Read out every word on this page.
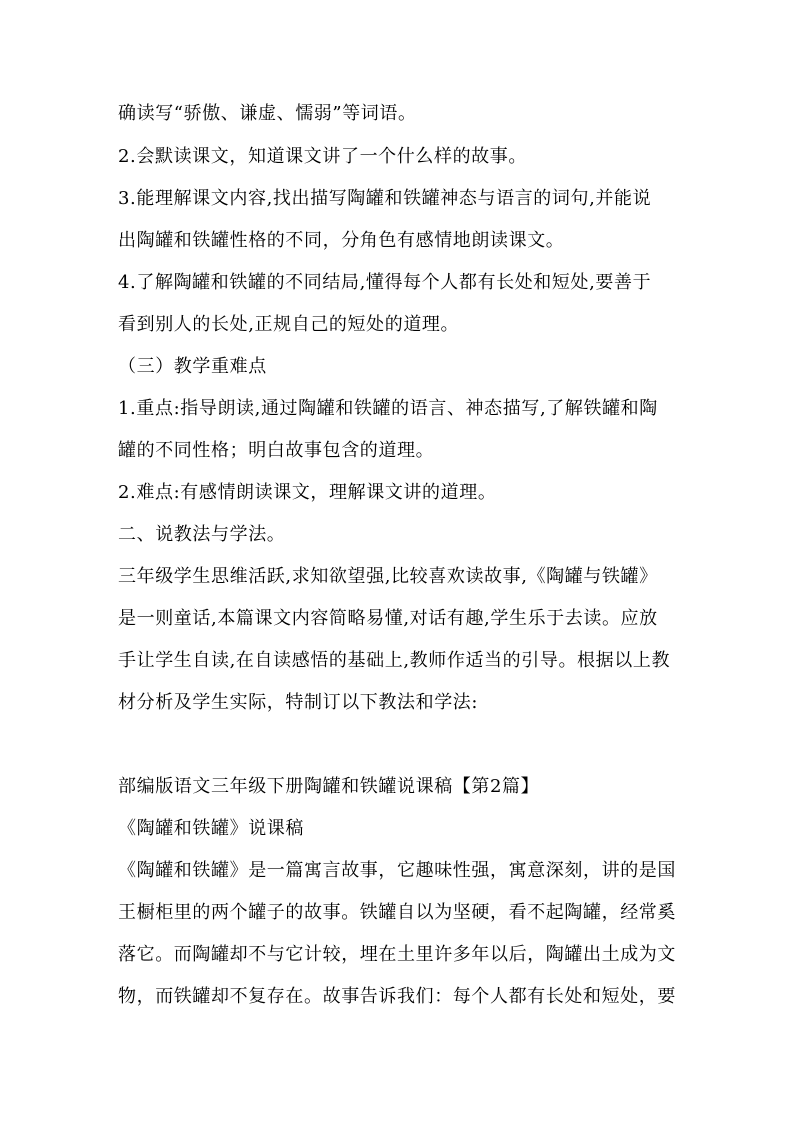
确读写“骄傲、谦虚、懦弱”等词语。
2.会默读课文，知道课文讲了一个什么样的故事。
3.能理解课文内容,找出描写陶罐和铁罐神态与语言的词句,并能说
出陶罐和铁罐性格的不同，分角色有感情地朗读课文。
4.了解陶罐和铁罐的不同结局,懂得每个人都有长处和短处,要善于
看到别人的长处,正规自己的短处的道理。
（三）教学重难点
1.重点:指导朗读,通过陶罐和铁罐的语言、神态描写,了解铁罐和陶
罐的不同性格；明白故事包含的道理。
2.难点:有感情朗读课文，理解课文讲的道理。
二、说教法与学法。
三年级学生思维活跃,求知欲望强,比较喜欢读故事,《陶罐与铁罐》
是一则童话,本篇课文内容简略易懂,对话有趣,学生乐于去读。应放
手让学生自读,在自读感悟的基础上,教师作适当的引导。根据以上教
材分析及学生实际，特制订以下教法和学法:
部编版语文三年级下册陶罐和铁罐说课稿【第2篇】
《陶罐和铁罐》说课稿
《陶罐和铁罐》是一篇寓言故事，它趣味性强，寓意深刻，讲的是国
王橱柜里的两个罐子的故事。铁罐自以为坚硬，看不起陶罐，经常奚
落它。而陶罐却不与它计较，埋在土里许多年以后，陶罐出土成为文
物，而铁罐却不复存在。故事告诉我们：每个人都有长处和短处，要
